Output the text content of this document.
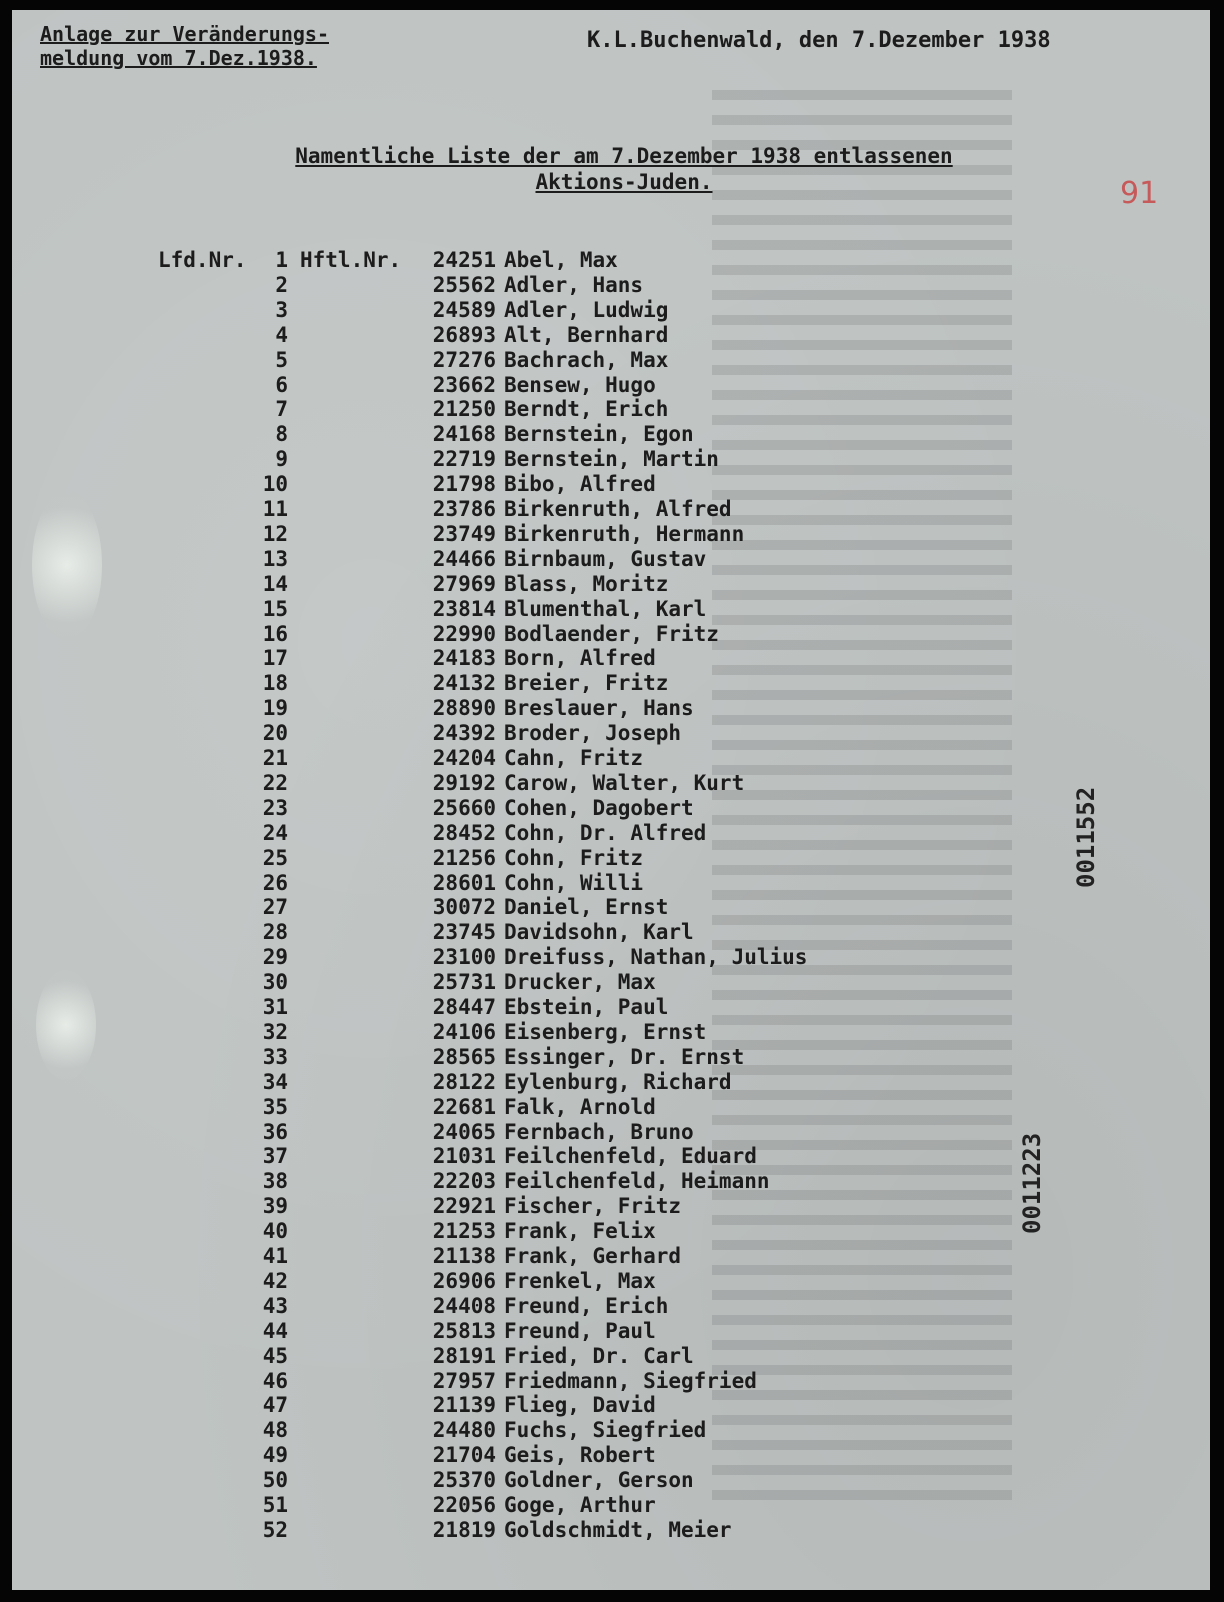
Anlage zur Veränderungs-
meldung vom 7.Dez.1938.
K.L.Buchenwald, den 7.Dezember 1938
Namentliche Liste der am 7.Dezember 1938 entlassenen
Aktions-Juden.	91
Lfd.Nr.	Hftl.Nr.
1	24251 Abel, Max
2	25562 Adler, Hans
3	24589 Adler, Ludwig
4	26893 Alt, Bernhard
5	27276 Bachrach, Max
6	23662 Bensew, Hugo
7	21250 Berndt, Erich
8	24168 Bernstein, Egon
9	22719 Bernstein, Martin
10	21798 Bibo, Alfred
11	23786 Birkenruth, Alfred
12	23749 Birkenruth, Hermann
13	24466 Birnbaum, Gustav
14	27969 Blass, Moritz
15	23814 Blumenthal, Karl
16	22990 Bodlaender, Fritz
17	24183 Born, Alfred
18	24132 Breier, Fritz
19	28890 Breslauer, Hans
20	24392 Broder, Joseph
21	24204 Cahn, Fritz
22	29192 Carow, Walter, Kurt
23	25660 Cohen, Dagobert
24	28452 Cohn, Dr. Alfred
25	21256 Cohn, Fritz
26	28601 Cohn, Willi
27	30072 Daniel, Ernst
28	23745 Davidsohn, Karl
29	23100 Dreifuss, Nathan, Julius
30	25731 Drucker, Max
31	28447 Ebstein, Paul
32	24106 Eisenberg, Ernst
33	28565 Essinger, Dr. Ernst
34	28122 Eylenburg, Richard
35	22681 Falk, Arnold
36	24065 Fernbach, Bruno
37	21031 Feilchenfeld, Eduard
38	22203 Feilchenfeld, Heimann
39	22921 Fischer, Fritz
40	21253 Frank, Felix
41	21138 Frank, Gerhard
42	26906 Frenkel, Max
43	24408 Freund, Erich
44	25813 Freund, Paul
45	28191 Fried, Dr. Carl
46	27957 Friedmann, Siegfried
47	21139 Flieg, David
48	24480 Fuchs, Siegfried
49	21704 Geis, Robert
50	25370 Goldner, Gerson
51	22056 Goge, Arthur
52	21819 Goldschmidt, Meier
0011552
0011223
